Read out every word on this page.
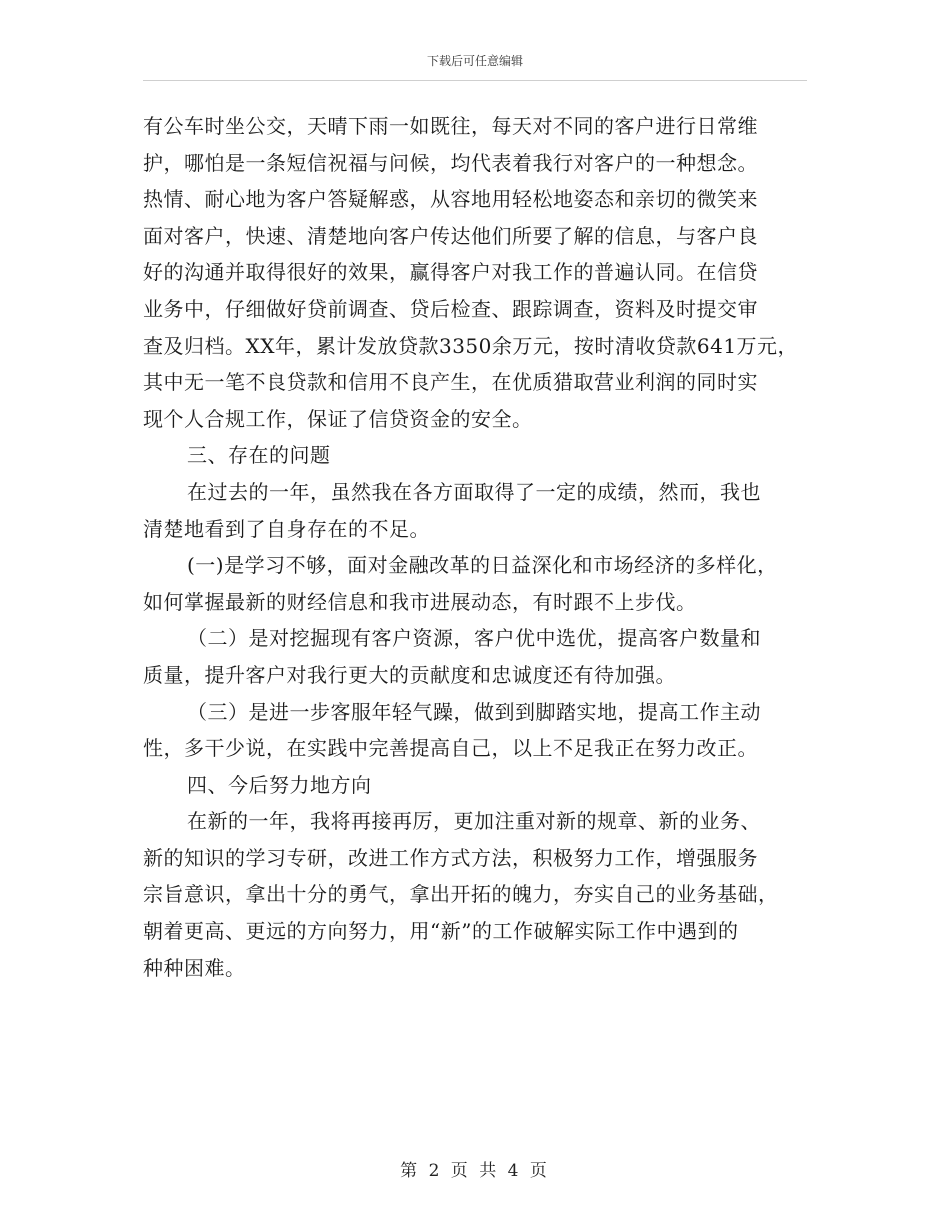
下载后可任意编辑
有公车时坐公交，天晴下雨一如既往，每天对不同的客户进行日常维
护，哪怕是一条短信祝福与问候，均代表着我行对客户的一种想念。
热情、耐心地为客户答疑解惑，从容地用轻松地姿态和亲切的微笑来
面对客户，快速、清楚地向客户传达他们所要了解的信息，与客户良
好的沟通并取得很好的效果，赢得客户对我工作的普遍认同。在信贷
业务中，仔细做好贷前调查、贷后检查、跟踪调查，资料及时提交审
查及归档。XX年，累计发放贷款3350余万元，按时清收贷款641万元，
其中无一笔不良贷款和信用不良产生，在优质猎取营业利润的同时实
现个人合规工作，保证了信贷资金的安全。
三、存在的问题
在过去的一年，虽然我在各方面取得了一定的成绩，然而，我也
清楚地看到了自身存在的不足。
(一)是学习不够，面对金融改革的日益深化和市场经济的多样化，
如何掌握最新的财经信息和我市进展动态，有时跟不上步伐。
（二）是对挖掘现有客户资源，客户优中选优，提高客户数量和
质量，提升客户对我行更大的贡献度和忠诚度还有待加强。
（三）是进一步客服年轻气躁，做到到脚踏实地，提高工作主动
性，多干少说，在实践中完善提高自己，以上不足我正在努力改正。
四、今后努力地方向
在新的一年，我将再接再厉，更加注重对新的规章、新的业务、
新的知识的学习专研，改进工作方式方法，积极努力工作，增强服务
宗旨意识，拿出十分的勇气，拿出开拓的魄力，夯实自己的业务基础，
朝着更高、更远的方向努力，用“新”的工作破解实际工作中遇到的
种种困难。
第 2 页 共 4 页
